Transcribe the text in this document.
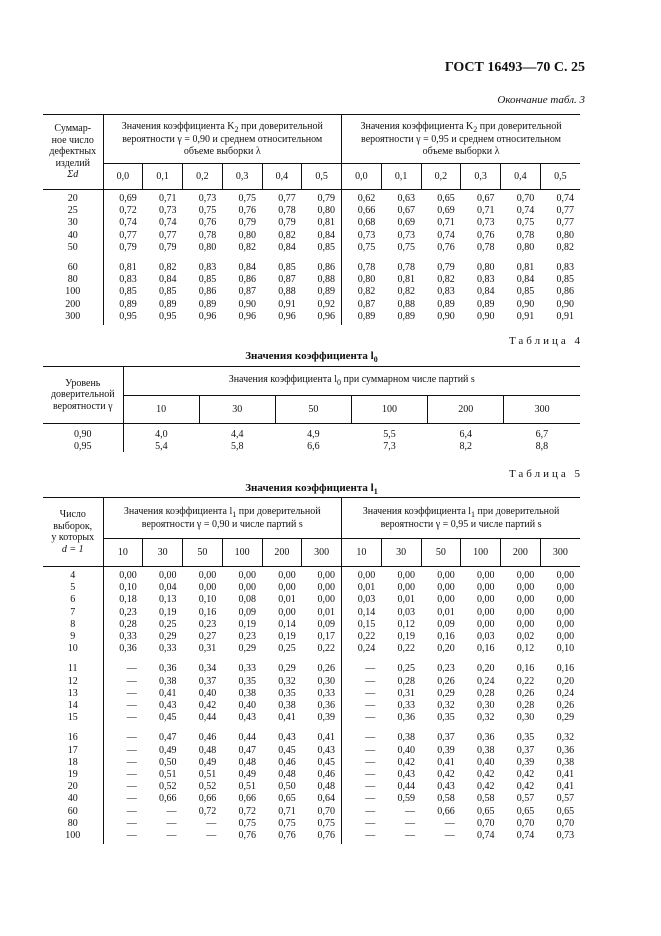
ГОСТ 16493—70 С. 25
Окончание табл. 3
Суммар-
ное число
дефектных
изделий
Σd	Значения коэффициента $K_2$ при доверительной
вероятности γ = 0,90 и среднем относительном
объеме выборки λ						Значения коэффициента $K_2$ при доверительной
вероятности γ = 0,95 и среднем относительном
объеме выборки λ					
	0,0	0,1	0,2	0,3	0,4	0,5	0,0	0,1	0,2	0,3	0,4	0,5
20	0,69	0,71	0,73	0,75	0,77	0,79	0,62	0,63	0,65	0,67	0,70	0,74
25	0,72	0,73	0,75	0,76	0,78	0,80	0,66	0,67	0,69	0,71	0,74	0,77
30	0,74	0,74	0,76	0,79	0,79	0,81	0,68	0,69	0,71	0,73	0,75	0,77
40	0,77	0,77	0,78	0,80	0,82	0,84	0,73	0,73	0,74	0,76	0,78	0,80
50	0,79	0,79	0,80	0,82	0,84	0,85	0,75	0,75	0,76	0,78	0,80	0,82

60	0,81	0,82	0,83	0,84	0,85	0,86	0,78	0,78	0,79	0,80	0,81	0,83
80	0,83	0,84	0,85	0,86	0,87	0,88	0,80	0,81	0,82	0,83	0,84	0,85
100	0,85	0,85	0,86	0,87	0,88	0,89	0,82	0,82	0,83	0,84	0,85	0,86
200	0,89	0,89	0,89	0,90	0,91	0,92	0,87	0,88	0,89	0,89	0,90	0,90
300	0,95	0,95	0,96	0,96	0,96	0,96	0,89	0,89	0,90	0,90	0,91	0,91
Таблица 4
Значения коэффициента $l_0$
Уровень
доверительной
вероятности γ	Значения коэффициента $l_0$ при суммарном числе партий s					
	10	30	50	100	200	300
0,90	4,0	4,4	4,9	5,5	6,4	6,7
0,95	5,4	5,8	6,6	7,3	8,2	8,8
Таблица 5
Значения коэффициента $l_1$
Число
выборок,
у которых
d = 1	Значения коэффициента $l_1$ при доверительной
вероятности γ = 0,90 и числе партий s						Значения коэффициента $l_1$ при доверительной
вероятности γ = 0,95 и числе партий s					
	10	30	50	100	200	300	10	30	50	100	200	300
4	0,00	0,00	0,00	0,00	0,00	0,00	0,00	0,00	0,00	0,00	0,00	0,00
5	0,10	0,04	0,00	0,00	0,00	0,00	0,01	0,00	0,00	0,00	0,00	0,00
6	0,18	0,13	0,10	0,08	0,01	0,00	0,03	0,01	0,00	0,00	0,00	0,00
7	0,23	0,19	0,16	0,09	0,00	0,01	0,14	0,03	0,01	0,00	0,00	0,00
8	0,28	0,25	0,23	0,19	0,14	0,09	0,15	0,12	0,09	0,00	0,00	0,00
9	0,33	0,29	0,27	0,23	0,19	0,17	0,22	0,19	0,16	0,03	0,02	0,00
10	0,36	0,33	0,31	0,29	0,25	0,22	0,24	0,22	0,20	0,16	0,12	0,10

11	—	0,36	0,34	0,33	0,29	0,26	—	0,25	0,23	0,20	0,16	0,16
12	—	0,38	0,37	0,35	0,32	0,30	—	0,28	0,26	0,24	0,22	0,20
13	—	0,41	0,40	0,38	0,35	0,33	—	0,31	0,29	0,28	0,26	0,24
14	—	0,43	0,42	0,40	0,38	0,36	—	0,33	0,32	0,30	0,28	0,26
15	—	0,45	0,44	0,43	0,41	0,39	—	0,36	0,35	0,32	0,30	0,29

16	—	0,47	0,46	0,44	0,43	0,41	—	0,38	0,37	0,36	0,35	0,32
17	—	0,49	0,48	0,47	0,45	0,43	—	0,40	0,39	0,38	0,37	0,36
18	—	0,50	0,49	0,48	0,46	0,45	—	0,42	0,41	0,40	0,39	0,38
19	—	0,51	0,51	0,49	0,48	0,46	—	0,43	0,42	0,42	0,42	0,41
20	—	0,52	0,52	0,51	0,50	0,48	—	0,44	0,43	0,42	0,42	0,41
40	—	0,66	0,66	0,66	0,65	0,64	—	0,59	0,58	0,58	0,57	0,57
60	—	—	0,72	0,72	0,71	0,70	—	—	0,66	0,65	0,65	0,65
80	—	—	—	0,75	0,75	0,75	—	—	—	0,70	0,70	0,70
100	—	—	—	0,76	0,76	0,76	—	—	—	0,74	0,74	0,73
